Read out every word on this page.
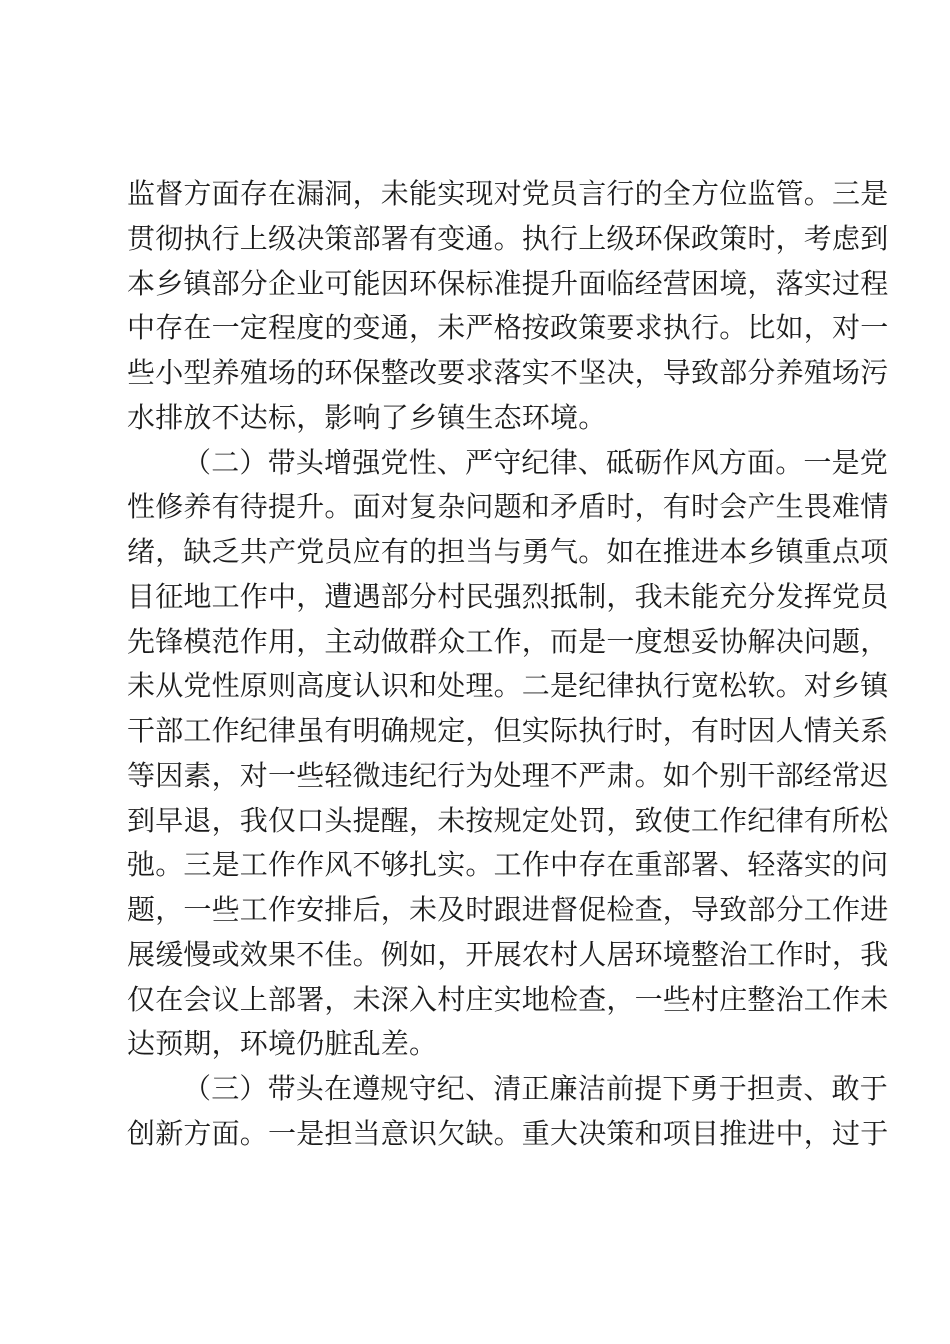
监督方面存在漏洞，未能实现对党员言行的全方位监管。三是
贯彻执行上级决策部署有变通。执行上级环保政策时，考虑到
本乡镇部分企业可能因环保标准提升面临经营困境，落实过程
中存在一定程度的变通，未严格按政策要求执行。比如，对一
些小型养殖场的环保整改要求落实不坚决，导致部分养殖场污
水排放不达标，影响了乡镇生态环境。
（二）带头增强党性、严守纪律、砥砺作风方面。一是党
性修养有待提升。面对复杂问题和矛盾时，有时会产生畏难情
绪，缺乏共产党员应有的担当与勇气。如在推进本乡镇重点项
目征地工作中，遭遇部分村民强烈抵制，我未能充分发挥党员
先锋模范作用，主动做群众工作，而是一度想妥协解决问题，
未从党性原则高度认识和处理。二是纪律执行宽松软。对乡镇
干部工作纪律虽有明确规定，但实际执行时，有时因人情关系
等因素，对一些轻微违纪行为处理不严肃。如个别干部经常迟
到早退，我仅口头提醒，未按规定处罚，致使工作纪律有所松
弛。三是工作作风不够扎实。工作中存在重部署、轻落实的问
题，一些工作安排后，未及时跟进督促检查，导致部分工作进
展缓慢或效果不佳。例如，开展农村人居环境整治工作时，我
仅在会议上部署，未深入村庄实地检查，一些村庄整治工作未
达预期，环境仍脏乱差。
（三）带头在遵规守纪、清正廉洁前提下勇于担责、敢于
创新方面。一是担当意识欠缺。重大决策和项目推进中，过于
